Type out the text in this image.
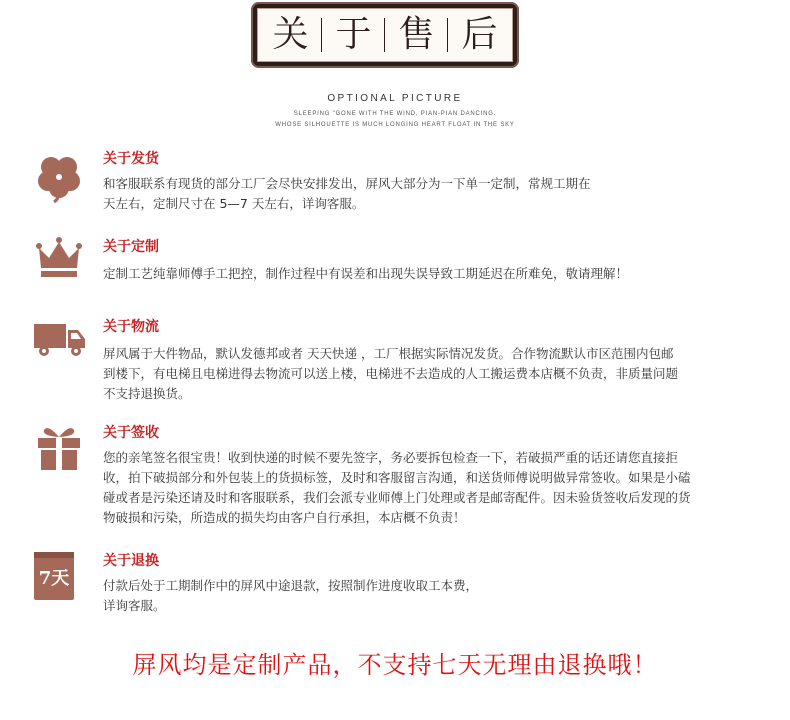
关 于 售 后
OPTIONAL PICTURE
SLEEPING "GONE WITH THE WIND, PIAN-PIAN DANCING.
WHOSE SILHOUETTE IS MUCH LONGING HEART FLOAT IN THE SKY
关于发货
和客服联系有现货的部分工厂会尽快安排发出，屏风大部分为一下单一定制，常规工期在
天左右，定制尺寸在 5—7 天左右，详询客服。
关于定制
定制工艺纯靠师傅手工把控，制作过程中有误差和出现失误导致工期延迟在所难免，敬请理解！
关于物流
屏风属于大件物品，默认发德邦或者 天天快递 ，工厂根据实际情况发货。合作物流默认市区范围内包邮
到楼下，有电梯且电梯进得去物流可以送上楼，电梯进不去造成的人工搬运费本店概不负责，非质量问题
不支持退换货。
关于签收
您的亲笔签名很宝贵！收到快递的时候不要先签字，务必要拆包检查一下，若破损严重的话还请您直接拒
收，拍下破损部分和外包装上的货损标签，及时和客服留言沟通，和送货师傅说明做异常签收。如果是小磕
碰或者是污染还请及时和客服联系，我们会派专业师傅上门处理或者是邮寄配件。因未验货签收后发现的货
物破损和污染，所造成的损失均由客户自行承担，本店概不负责！
7天
关于退换
付款后处于工期制作中的屏风中途退款，按照制作进度收取工本费，
详询客服。
屏风均是定制产品，不支持七天无理由退换哦！
